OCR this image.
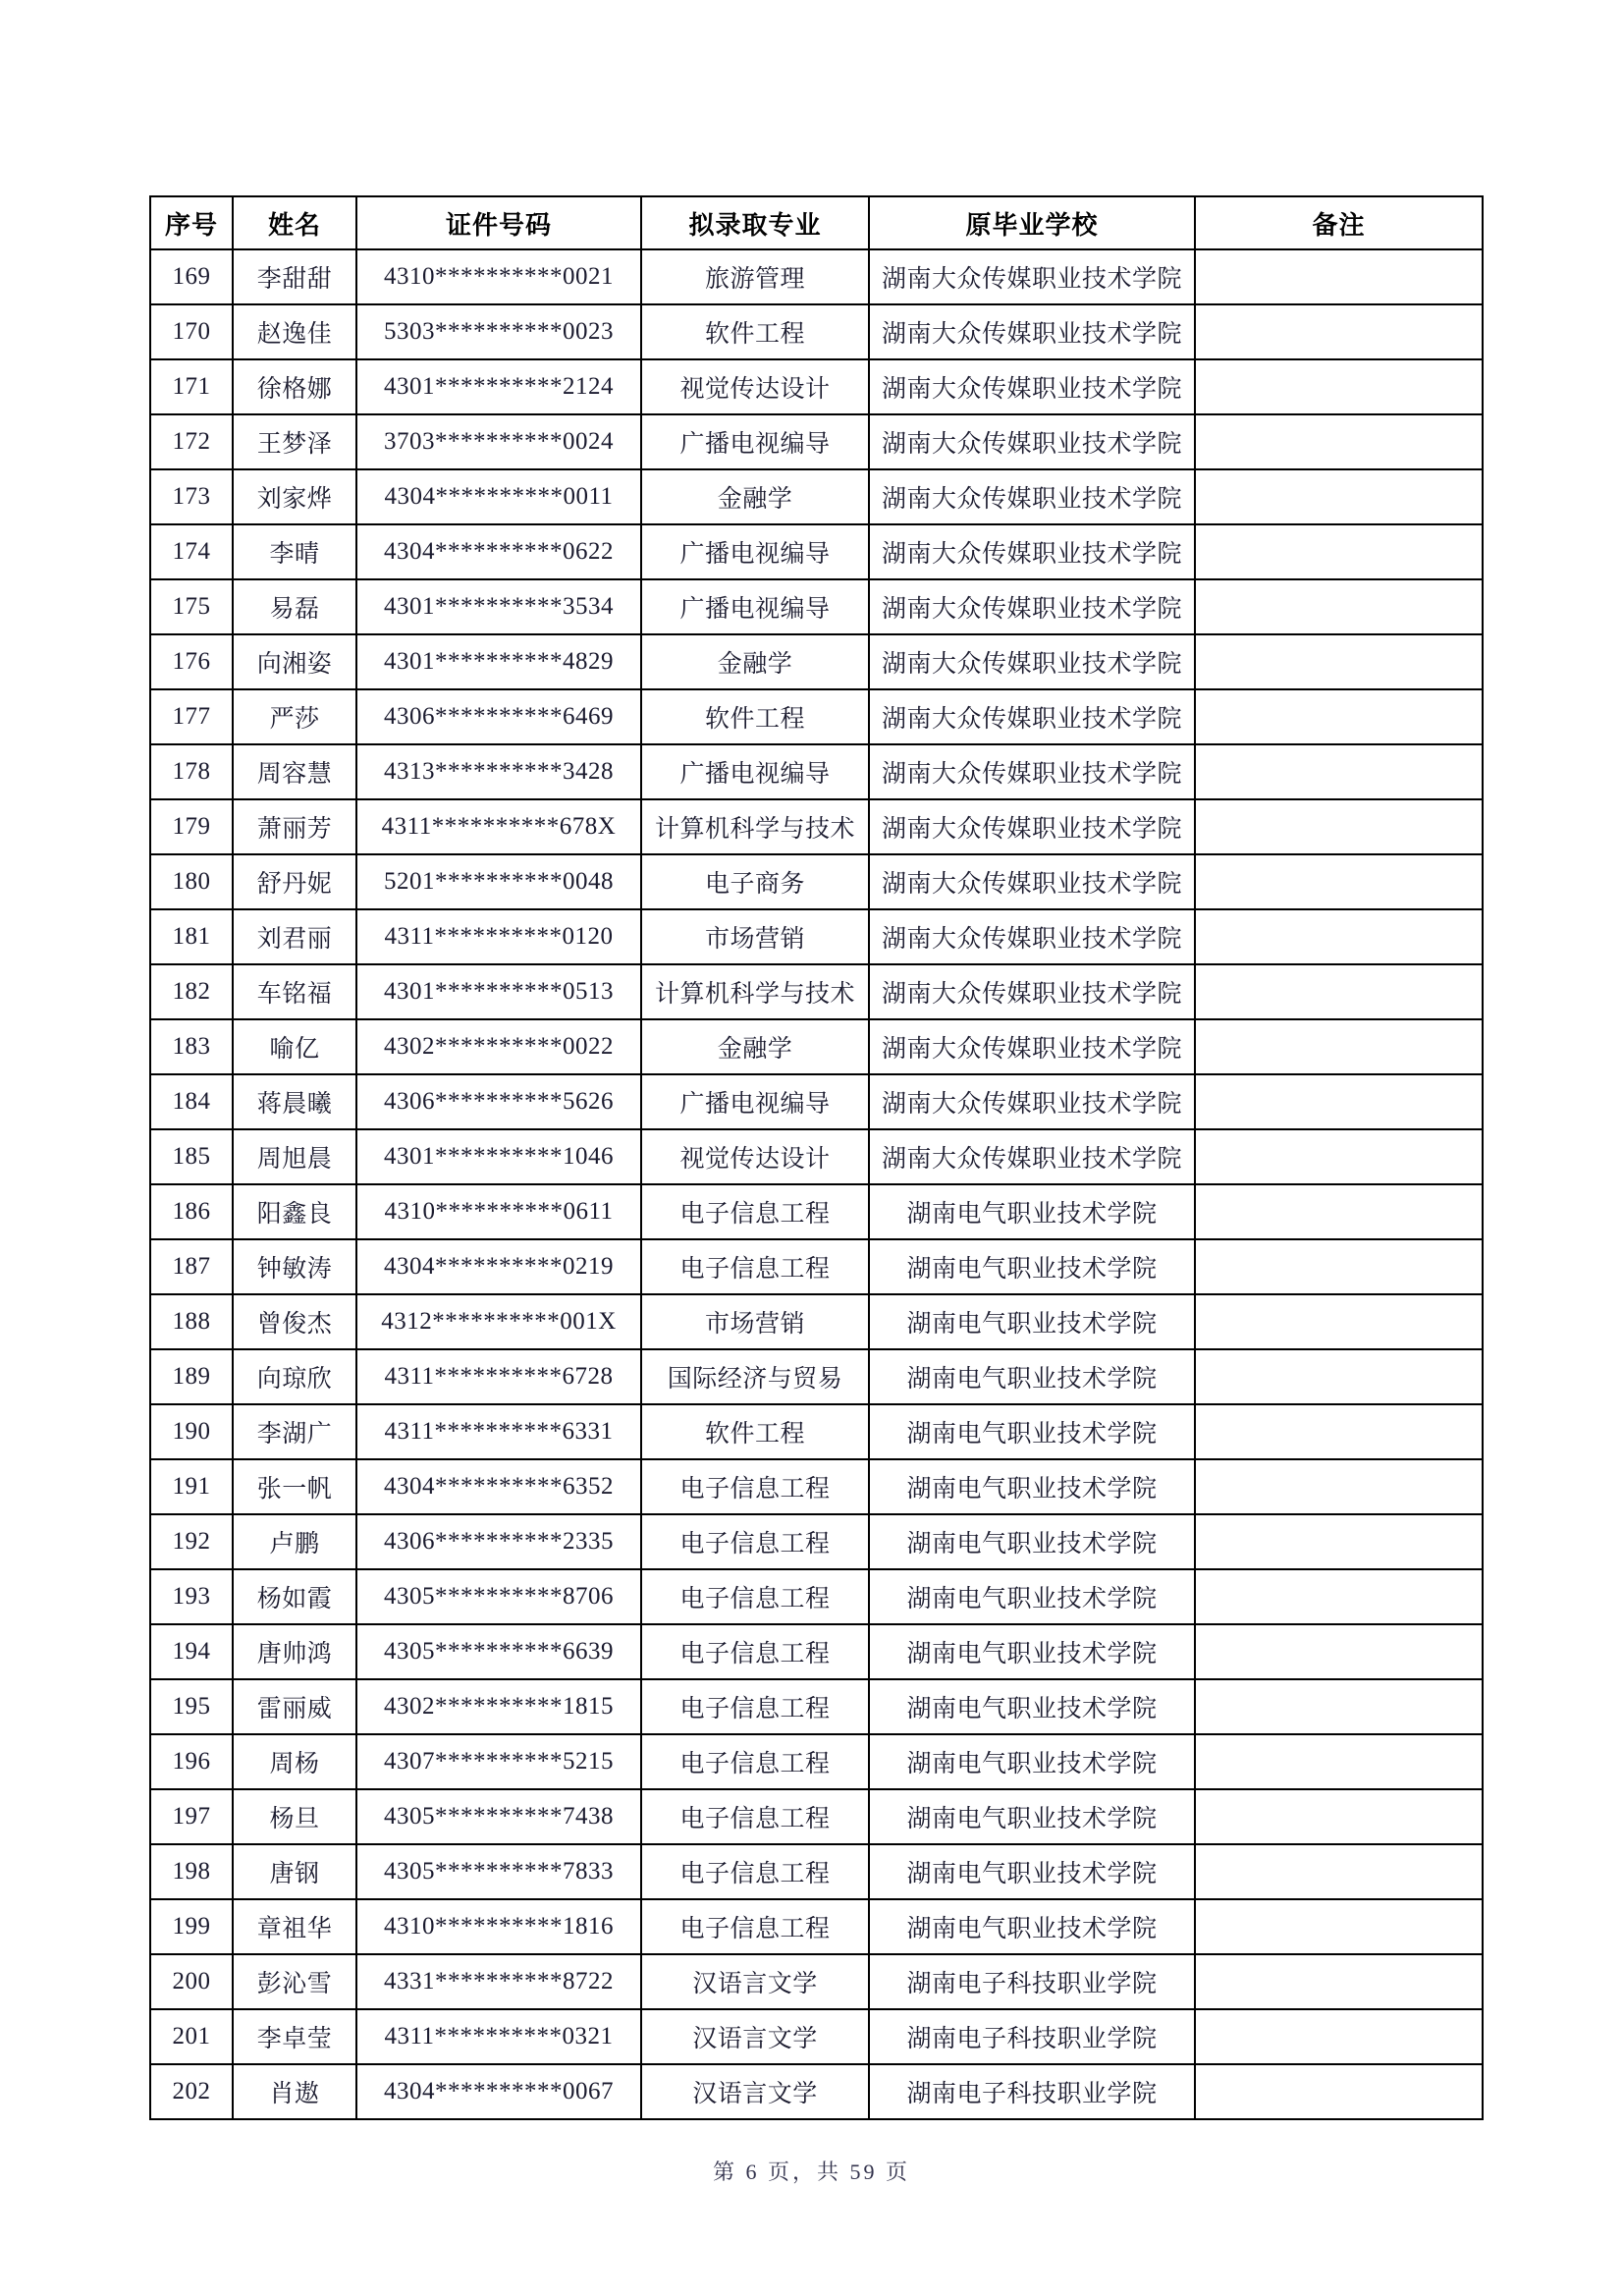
序号	姓名	证件号码	拟录取专业	原毕业学校	备注
169	李甜甜	4310**********0021	旅游管理	湖南大众传媒职业技术学院	
170	赵逸佳	5303**********0023	软件工程	湖南大众传媒职业技术学院	
171	徐格娜	4301**********2124	视觉传达设计	湖南大众传媒职业技术学院	
172	王梦泽	3703**********0024	广播电视编导	湖南大众传媒职业技术学院	
173	刘家烨	4304**********0011	金融学	湖南大众传媒职业技术学院	
174	李晴	4304**********0622	广播电视编导	湖南大众传媒职业技术学院	
175	易磊	4301**********3534	广播电视编导	湖南大众传媒职业技术学院	
176	向湘姿	4301**********4829	金融学	湖南大众传媒职业技术学院	
177	严莎	4306**********6469	软件工程	湖南大众传媒职业技术学院	
178	周容慧	4313**********3428	广播电视编导	湖南大众传媒职业技术学院	
179	萧丽芳	4311**********678X	计算机科学与技术	湖南大众传媒职业技术学院	
180	舒丹妮	5201**********0048	电子商务	湖南大众传媒职业技术学院	
181	刘君丽	4311**********0120	市场营销	湖南大众传媒职业技术学院	
182	车铭福	4301**********0513	计算机科学与技术	湖南大众传媒职业技术学院	
183	喻亿	4302**********0022	金融学	湖南大众传媒职业技术学院	
184	蒋晨曦	4306**********5626	广播电视编导	湖南大众传媒职业技术学院	
185	周旭晨	4301**********1046	视觉传达设计	湖南大众传媒职业技术学院	
186	阳鑫良	4310**********0611	电子信息工程	湖南电气职业技术学院	
187	钟敏涛	4304**********0219	电子信息工程	湖南电气职业技术学院	
188	曾俊杰	4312**********001X	市场营销	湖南电气职业技术学院	
189	向琼欣	4311**********6728	国际经济与贸易	湖南电气职业技术学院	
190	李湖广	4311**********6331	软件工程	湖南电气职业技术学院	
191	张一帆	4304**********6352	电子信息工程	湖南电气职业技术学院	
192	卢鹏	4306**********2335	电子信息工程	湖南电气职业技术学院	
193	杨如霞	4305**********8706	电子信息工程	湖南电气职业技术学院	
194	唐帅鸿	4305**********6639	电子信息工程	湖南电气职业技术学院	
195	雷丽威	4302**********1815	电子信息工程	湖南电气职业技术学院	
196	周杨	4307**********5215	电子信息工程	湖南电气职业技术学院	
197	杨旦	4305**********7438	电子信息工程	湖南电气职业技术学院	
198	唐钢	4305**********7833	电子信息工程	湖南电气职业技术学院	
199	章祖华	4310**********1816	电子信息工程	湖南电气职业技术学院	
200	彭沁雪	4331**********8722	汉语言文学	湖南电子科技职业学院	
201	李卓莹	4311**********0321	汉语言文学	湖南电子科技职业学院	
202	肖遨	4304**********0067	汉语言文学	湖南电子科技职业学院	
第 6 页，共 59 页
